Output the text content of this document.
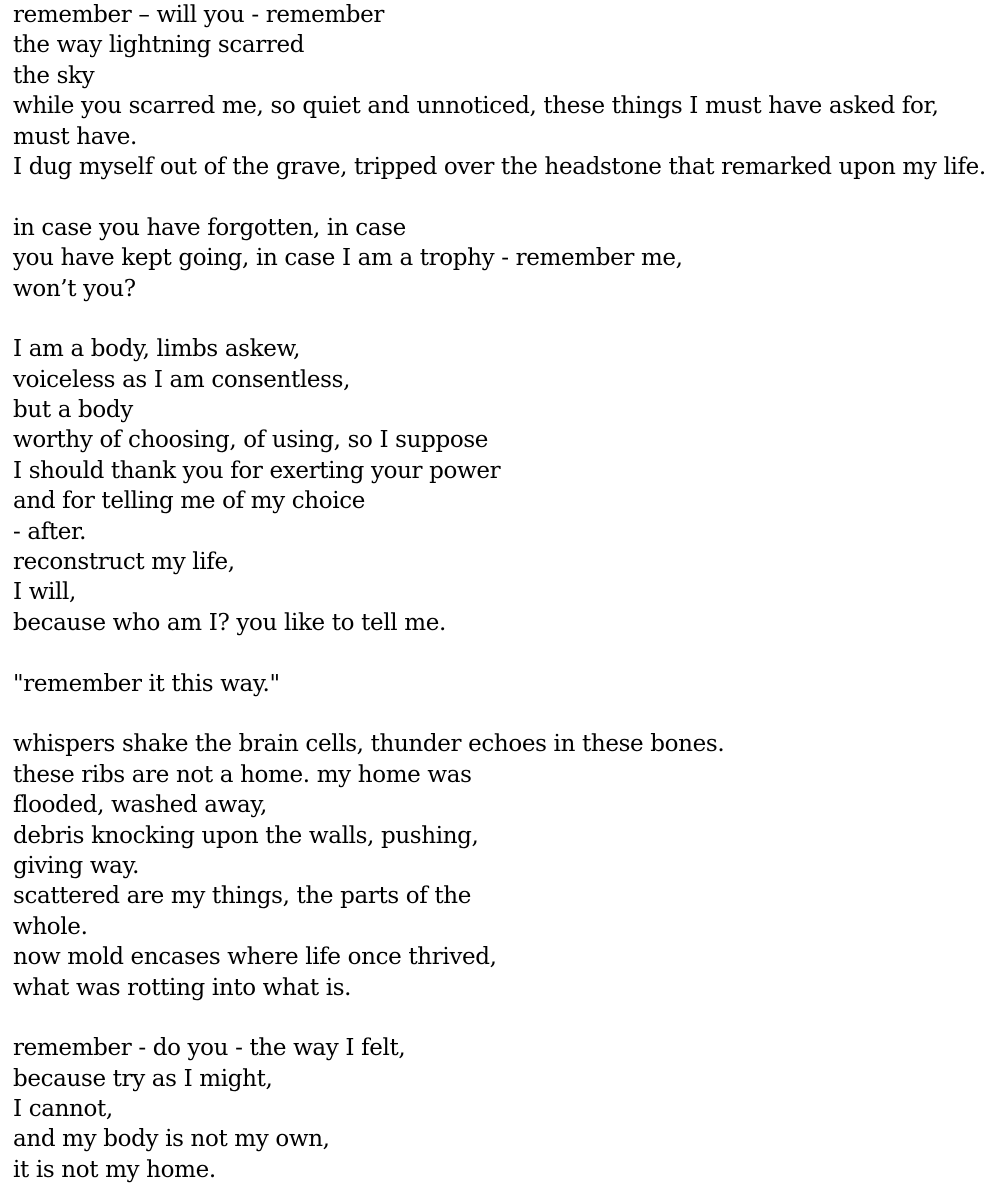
remember – will you - remember
the way lightning scarred
the sky
while you scarred me, so quiet and unnoticed, these things I must have asked for,
must have.
I dug myself out of the grave, tripped over the headstone that remarked upon my life.
in case you have forgotten, in case
you have kept going, in case I am a trophy - remember me,
won’t you?
I am a body, limbs askew,
voiceless as I am consentless,
but a body
worthy of choosing, of using, so I suppose
I should thank you for exerting your power
and for telling me of my choice
- after.
reconstruct my life,
I will,
because who am I? you like to tell me.
"remember it this way."
whispers shake the brain cells, thunder echoes in these bones.
these ribs are not a home. my home was
flooded, washed away,
debris knocking upon the walls, pushing,
giving way.
scattered are my things, the parts of the
whole.
now mold encases where life once thrived,
what was rotting into what is.
remember - do you - the way I felt,
because try as I might,
I cannot,
and my body is not my own,
it is not my home.
